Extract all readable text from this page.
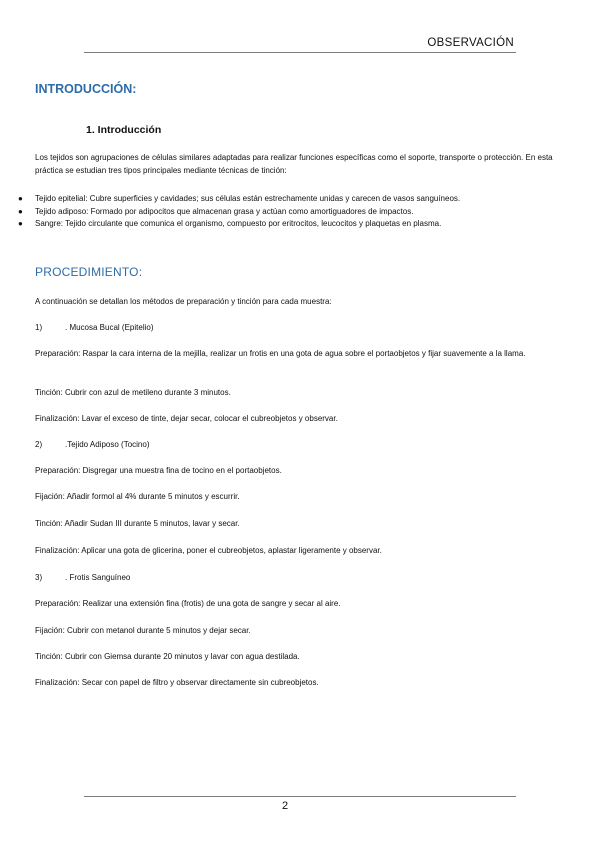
OBSERVACIÓN
INTRODUCCIÓN:
1. Introducción
Los tejidos son agrupaciones de células similares adaptadas para realizar funciones específicas como el soporte, transporte o protección. En esta práctica se estudian tres tipos principales mediante técnicas de tinción:
● Tejido epitelial: Cubre superficies y cavidades; sus células están estrechamente unidas y carecen de vasos sanguíneos.
● Tejido adiposo: Formado por adipocitos que almacenan grasa y actúan como amortiguadores de impactos.
● Sangre: Tejido circulante que comunica el organismo, compuesto por eritrocitos, leucocitos y plaquetas en plasma.
PROCEDIMIENTO:
A continuación se detallan los métodos de preparación y tinción para cada muestra:
1)	. Mucosa Bucal (Epitelio)
Preparación: Raspar la cara interna de la mejilla, realizar un frotis en una gota de agua sobre el portaobjetos y fijar suavemente a la llama.
Tinción: Cubrir con azul de metileno durante 3 minutos.
Finalización: Lavar el exceso de tinte, dejar secar, colocar el cubreobjetos y observar.
2)	.Tejido Adiposo (Tocino)
Preparación: Disgregar una muestra fina de tocino en el portaobjetos.
Fijación: Añadir formol al 4% durante 5 minutos y escurrir.
Tinción: Añadir Sudan III durante 5 minutos, lavar y secar.
Finalización: Aplicar una gota de glicerina, poner el cubreobjetos, aplastar ligeramente y observar.
3)	. Frotis Sanguíneo
Preparación: Realizar una extensión fina (frotis) de una gota de sangre y secar al aire.
Fijación: Cubrir con metanol durante 5 minutos y dejar secar.
Tinción: Cubrir con Giemsa durante 20 minutos y lavar con agua destilada.
Finalización: Secar con papel de filtro y observar directamente sin cubreobjetos.
2
